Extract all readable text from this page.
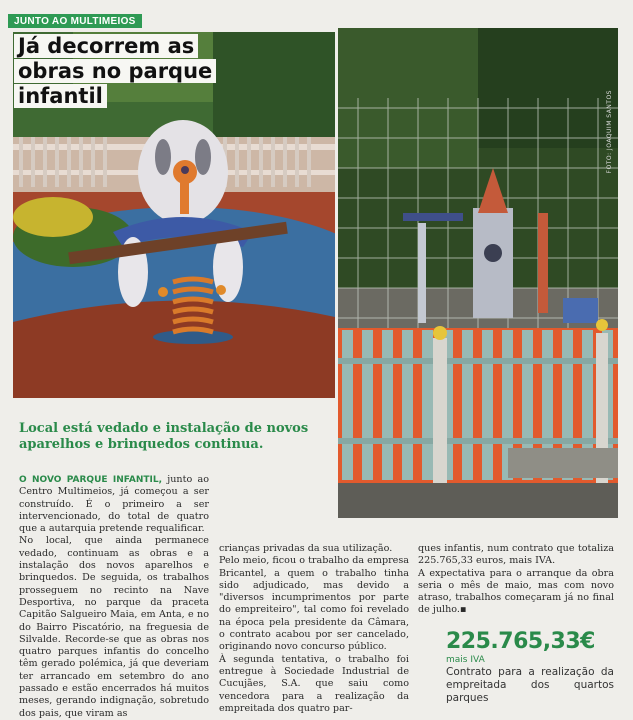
JUNTO AO MULTIMEIOS
Já decorrem as obras no parque infantil	FOTO: JOAQUIM SANTOS
Local está vedado e instalação de novos aparelhos e brinquedos continua.

O NOVO PARQUE INFANTIL, junto ao Centro Multimeios, já começou a ser construído. É o primeiro a ser intervencionado, do total de quatro que a autarquia pretende requalificar.

No local, que ainda permanece vedado, continuam as obras e a instalação dos novos aparelhos e brinquedos. De seguida, os trabalhos prosseguem no recinto na Nave Desportiva, no parque da praceta Capitão Salgueiro Maia, em Anta, e no do Bairro Piscatório, na freguesia de Silvalde. Recorde-se que as obras nos quatro parques infantis do concelho têm gerado polémica, já que deveriam ter arrancado em setembro do ano passado e estão encerrados há muitos meses, gerando indignação, sobretudo dos pais, que viram as

crianças privadas da sua utilização.

Pelo meio, ficou o trabalho da empresa Bricantel, a quem o trabalho tinha sido adjudicado, mas devido a "diversos incumprimentos por parte do empreiteiro", tal como foi revelado na época pela presidente da Câmara, o contrato acabou por ser cancelado, originando novo concurso público.

À segunda tentativa, o trabalho foi entregue à Sociedade Industrial de Cucujães, S.A. que saiu como vencedora para a realização da empreitada dos quatro par-

ques infantis, num contrato que totaliza 225.765,33 euros, mais IVA.

A expectativa para o arranque da obra seria o mês de maio, mas com novo atraso, trabalhos começaram já no final de julho.▪

225.765,33€
mais IVA
Contrato para a realização da empreitada dos quartos parques
